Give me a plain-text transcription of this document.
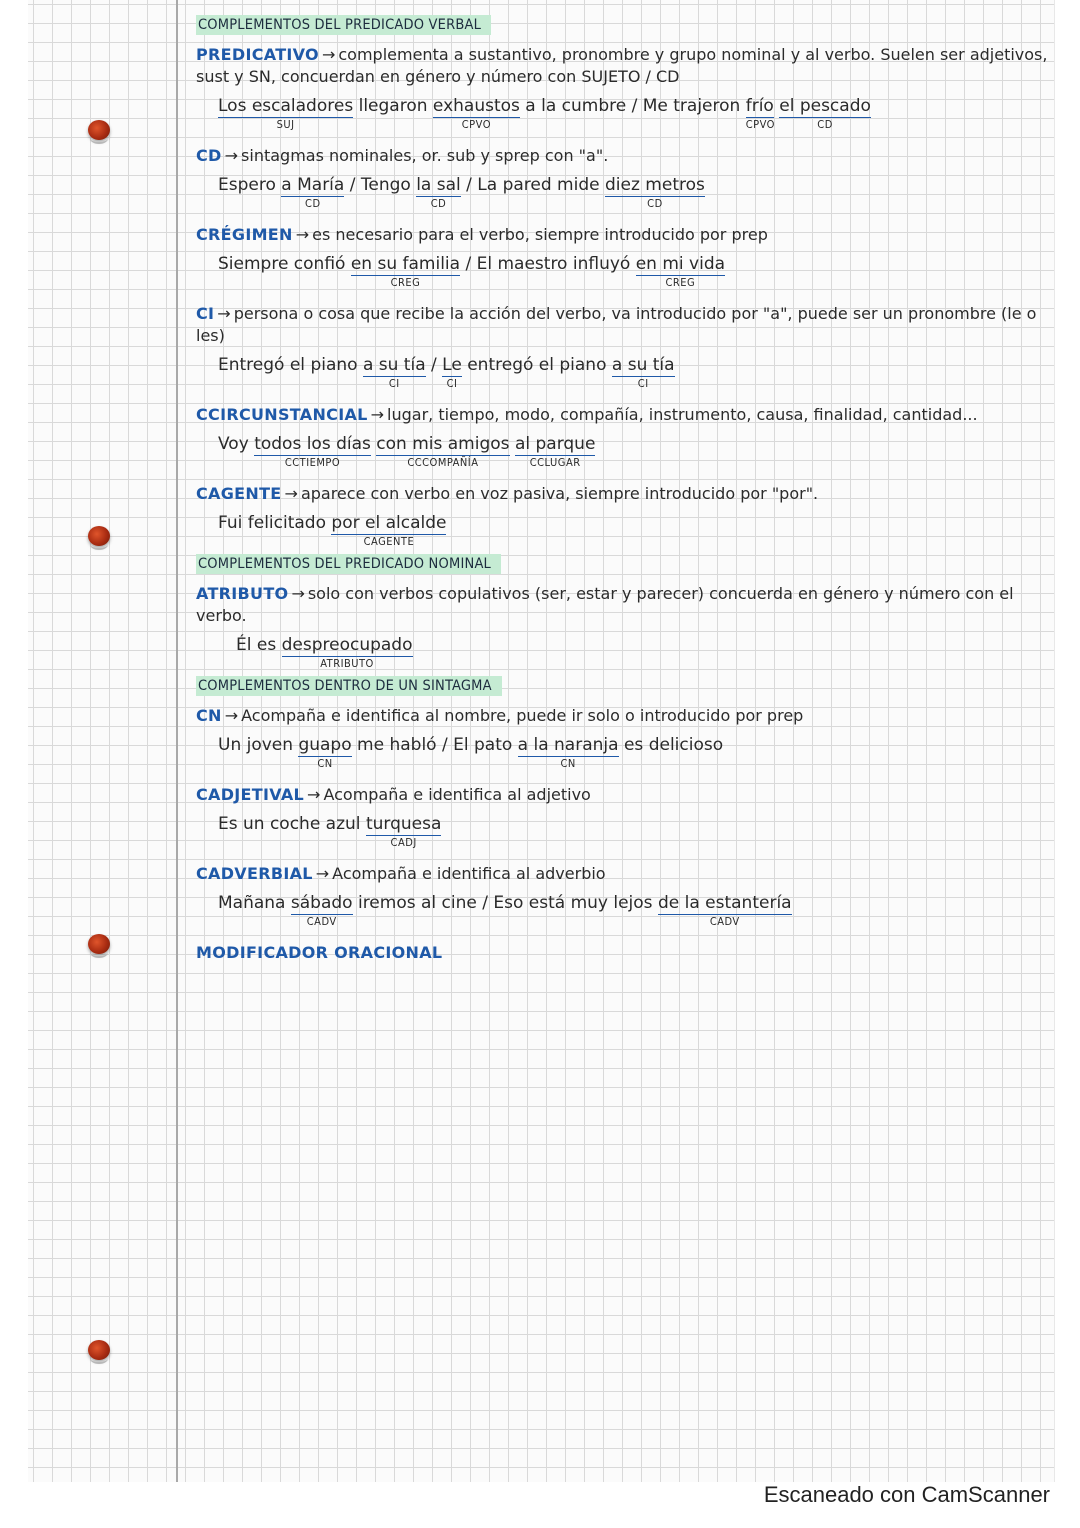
COMPLEMENTOS DEL PREDICADO VERBAL
PREDICATIVO → complementa a sustantivo, pronombre y grupo nominal y al verbo. Suelen ser adjetivos, sust y SN, concuerdan en género y número con SUJETO / CD
Los escaladores
SUJ
llegaron exhaustos
CPVO
a la cumbre / Me trajeron frío
CPVO
el pescado
CD
CD → sintagmas nominales, or. sub y sprep con "a".
Espero a María
CD
/ Tengo la sal
CD
/ La pared mide diez metros
CD
CRÉGIMEN → es necesario para el verbo, siempre introducido por prep
Siempre confió en su familia
CREG
/ El maestro influyó en mi vida
CREG
CI → persona o cosa que recibe la acción del verbo, va introducido por "a", puede ser un pronombre (le o les)
Entregó el piano a su tía
CI
/ Le
CI
entregó el piano a su tía
CI
CCIRCUNSTANCIAL → lugar, tiempo, modo, compañía, instrumento, causa, finalidad, cantidad...
Voy todos los días
CCTIEMPO
con mis amigos
CCCOMPAÑÍA
al parque
CCLUGAR
CAGENTE → aparece con verbo en voz pasiva, siempre introducido por "por".
Fui felicitado por el alcalde
CAGENTE
COMPLEMENTOS DEL PREDICADO NOMINAL
ATRIBUTO → solo con verbos copulativos (ser, estar y parecer) concuerda en género y número con el verbo.
Él es despreocupado
ATRIBUTO
COMPLEMENTOS DENTRO DE UN SINTAGMA
CN → Acompaña e identifica al nombre, puede ir solo o introducido por prep
Un joven guapo
CN
me habló / El pato a la naranja
CN
es delicioso
CADJETIVAL → Acompaña e identifica al adjetivo
Es un coche azul turquesa
CADJ
CADVERBIAL → Acompaña e identifica al adverbio
Mañana sábado
CADV
iremos al cine / Eso está muy lejos de la estantería
CADV
MODIFICADOR ORACIONAL
Escaneado con CamScanner
